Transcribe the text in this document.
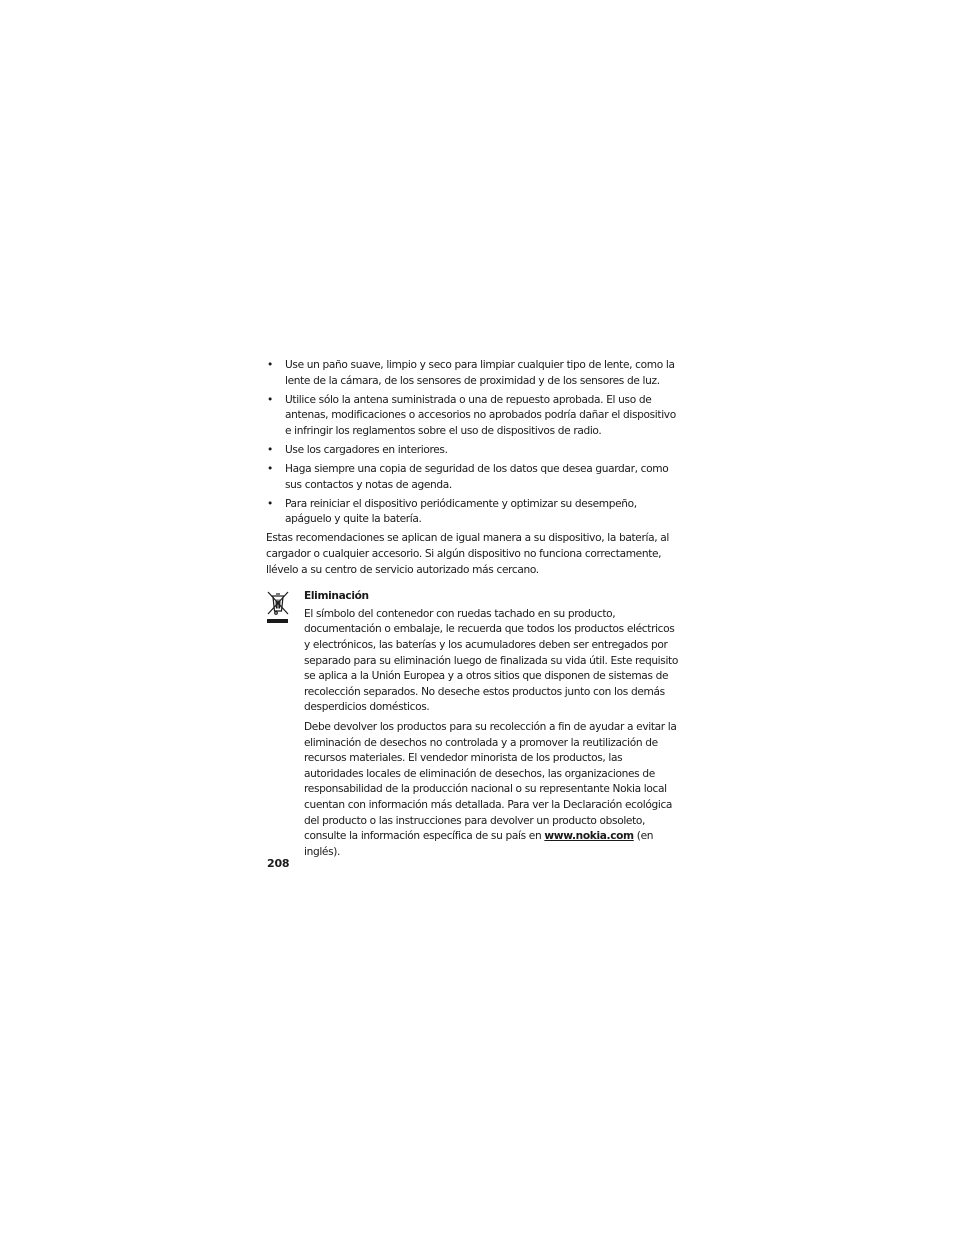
• Use un paño suave, limpio y seco para limpiar cualquier tipo de lente, como la lente de la cámara, de los sensores de proximidad y de los sensores de luz.
• Utilice sólo la antena suministrada o una de repuesto aprobada. El uso de antenas, modificaciones o accesorios no aprobados podría dañar el dispositivo e infringir los reglamentos sobre el uso de dispositivos de radio.
• Use los cargadores en interiores.
• Haga siempre una copia de seguridad de los datos que desea guardar, como sus contactos y notas de agenda.
• Para reiniciar el dispositivo periódicamente y optimizar su desempeño, apáguelo y quite la batería.

Estas recomendaciones se aplican de igual manera a su dispositivo, la batería, al cargador o cualquier accesorio. Si algún dispositivo no funciona correctamente, llévelo a su centro de servicio autorizado más cercano.

Eliminación

El símbolo del contenedor con ruedas tachado en su producto, documentación o embalaje, le recuerda que todos los productos eléctricos y electrónicos, las baterías y los acumuladores deben ser entregados por separado para su eliminación luego de finalizada su vida útil. Este requisito se aplica a la Unión Europea y a otros sitios que disponen de sistemas de recolección separados. No deseche estos productos junto con los demás desperdicios domésticos.

Debe devolver los productos para su recolección a fin de ayudar a evitar la eliminación de desechos no controlada y a promover la reutilización de recursos materiales. El vendedor minorista de los productos, las autoridades locales de eliminación de desechos, las organizaciones de responsabilidad de la producción nacional o su representante Nokia local cuentan con información más detallada. Para ver la Declaración ecológica del producto o las instrucciones para devolver un producto obsoleto, consulte la información específica de su país en www.nokia.com (en inglés).

208
